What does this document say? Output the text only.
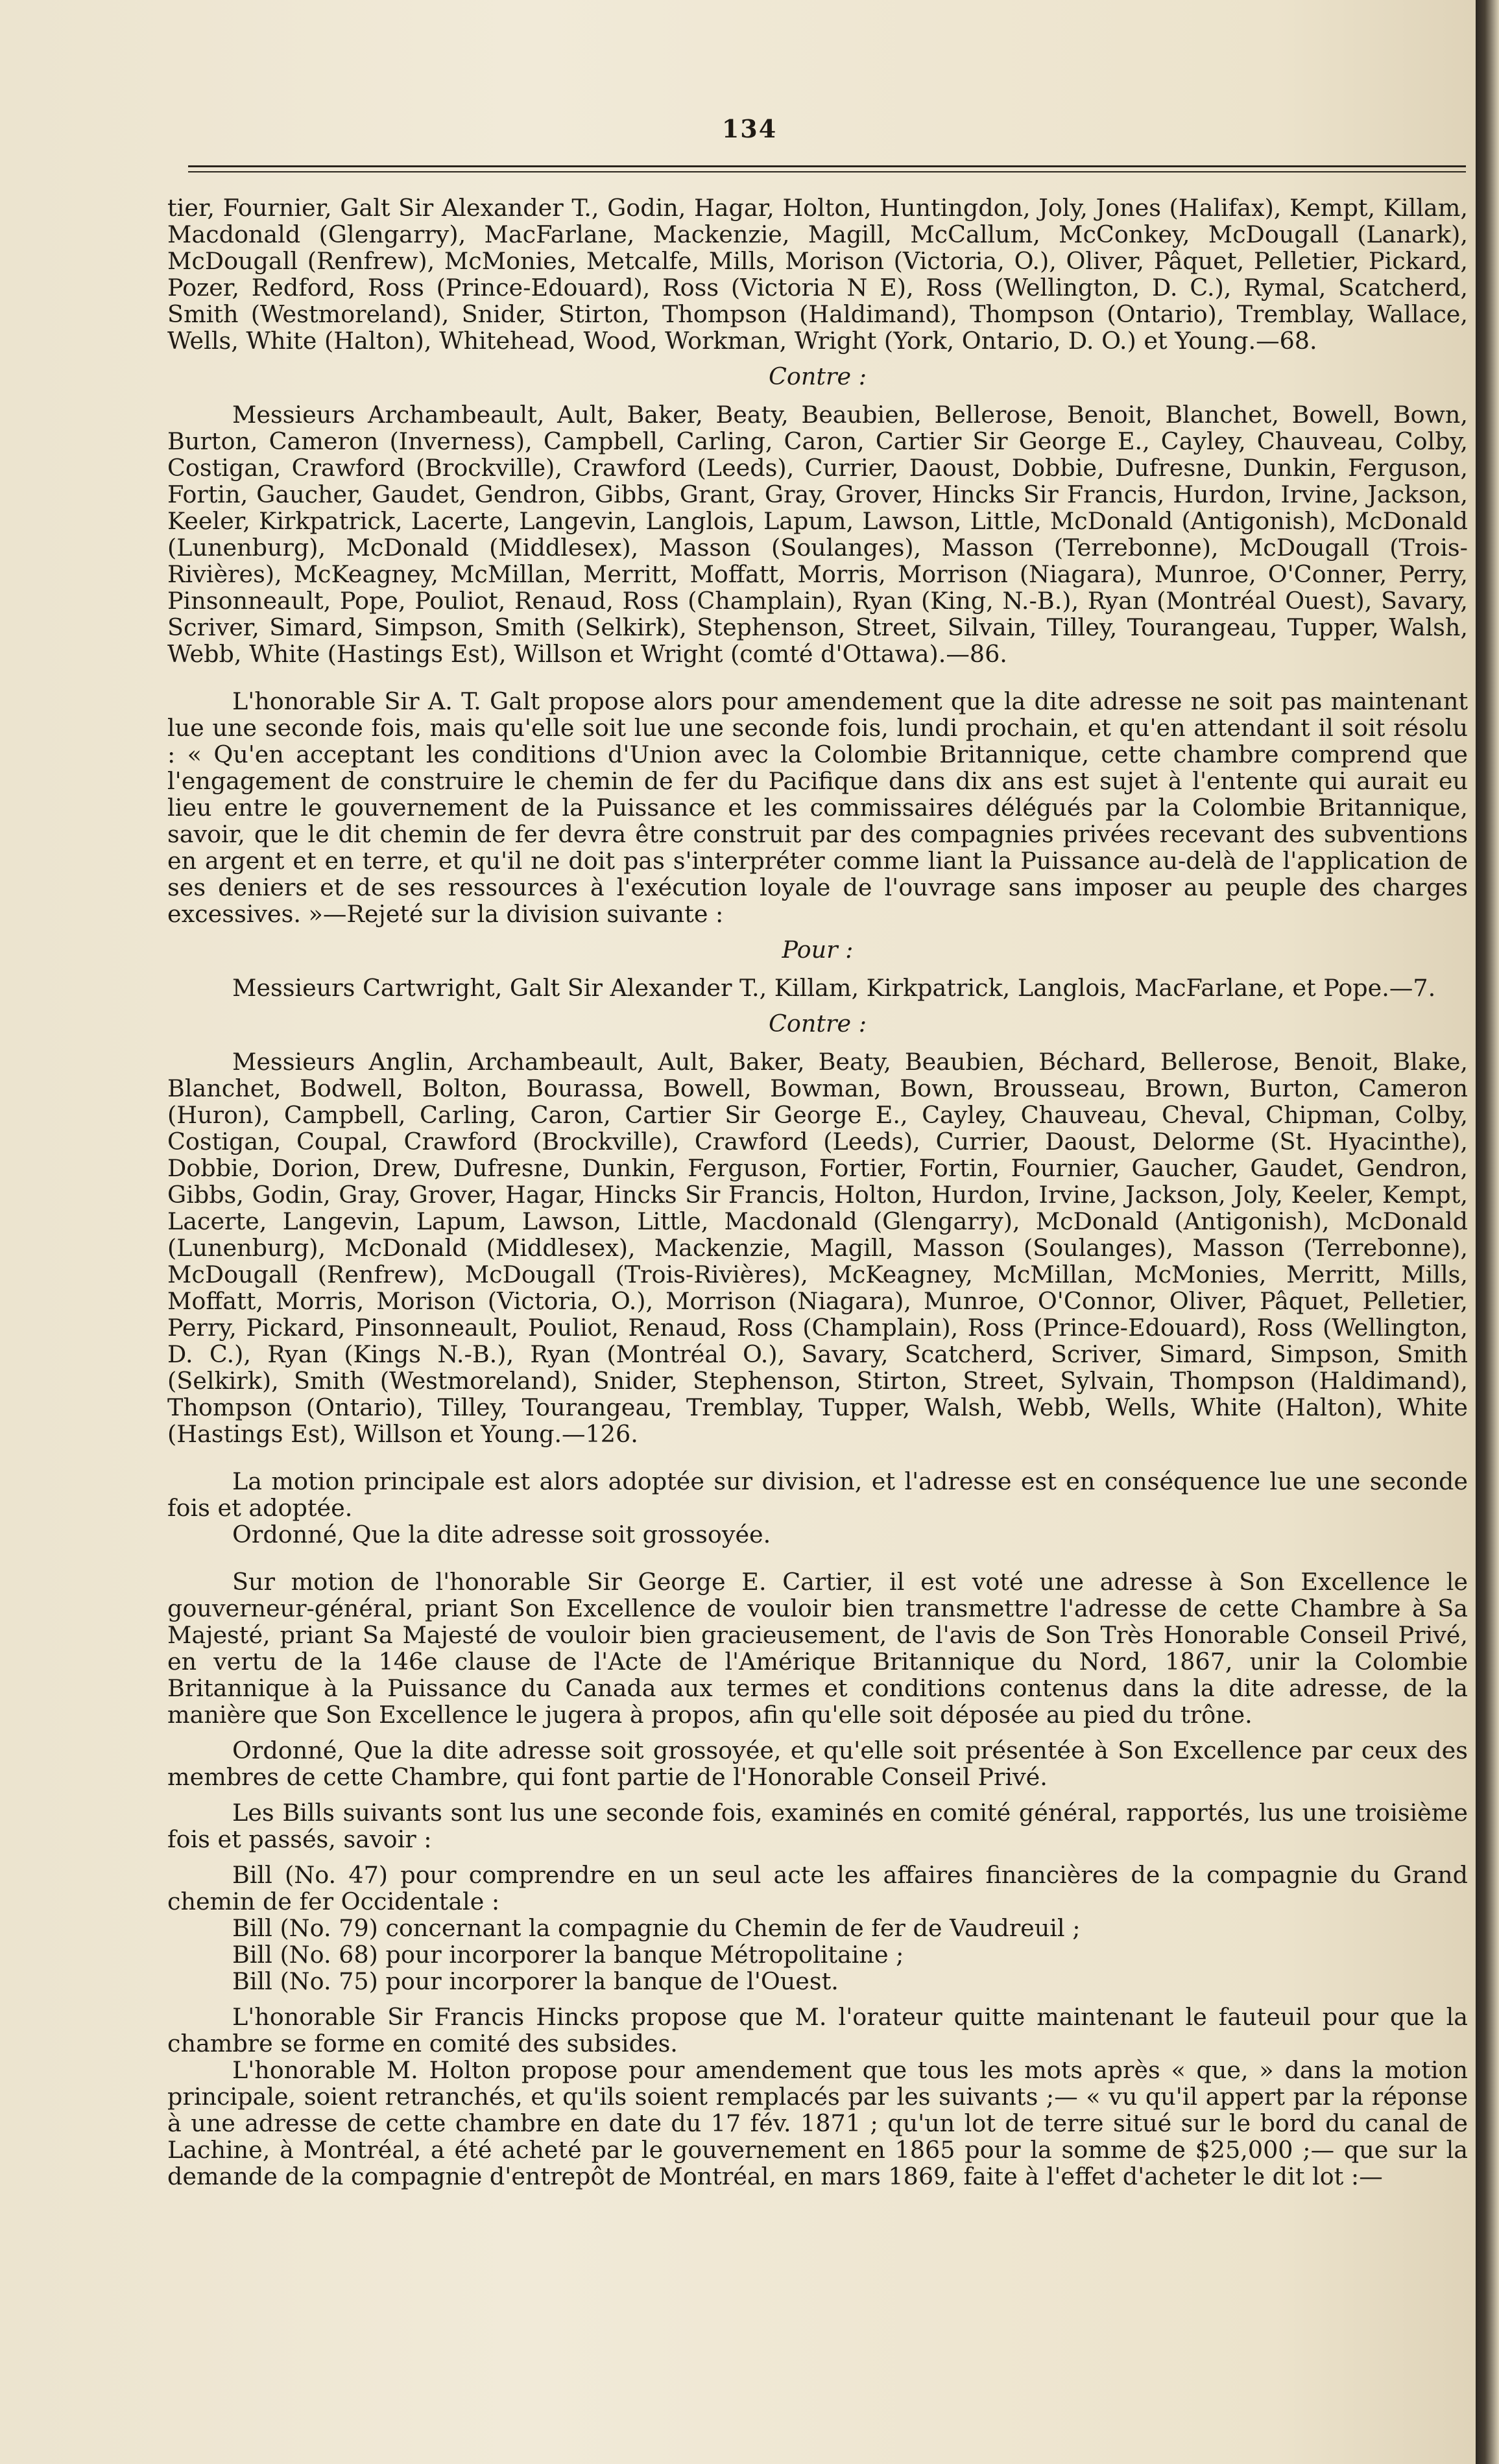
134

tier, Fournier, Galt Sir Alexander T., Godin, Hagar, Holton, Huntingdon, Joly, Jones (Halifax), Kempt, Killam, Macdonald (Glengarry), MacFarlane, Mackenzie, Magill, McCallum, McConkey, McDougall (Lanark), McDougall (Renfrew), McMonies, Metcalfe, Mills, Morison (Victoria, O.), Oliver, Pâquet, Pelletier, Pickard, Pozer, Redford, Ross (Prince-Edouard), Ross (Victoria N E), Ross (Wellington, D. C.), Rymal, Scatcherd, Smith (Westmoreland), Snider, Stirton, Thompson (Haldimand), Thompson (Ontario), Tremblay, Wallace, Wells, White (Halton), Whitehead, Wood, Workman, Wright (York, Ontario, D. O.) et Young.—68.

Contre :

Messieurs Archambeault, Ault, Baker, Beaty, Beaubien, Bellerose, Benoit, Blanchet, Bowell, Bown, Burton, Cameron (Inverness), Campbell, Carling, Caron, Cartier Sir George E., Cayley, Chauveau, Colby, Costigan, Crawford (Brockville), Crawford (Leeds), Currier, Daoust, Dobbie, Dufresne, Dunkin, Ferguson, Fortin, Gaucher, Gaudet, Gendron, Gibbs, Grant, Gray, Grover, Hincks Sir Francis, Hurdon, Irvine, Jackson, Keeler, Kirkpatrick, Lacerte, Langevin, Langlois, Lapum, Lawson, Little, McDonald (Antigonish), McDonald (Lunenburg), McDonald (Middlesex), Masson (Soulanges), Masson (Terrebonne), McDougall (Trois-Rivières), McKeagney, McMillan, Merritt, Moffatt, Morris, Morrison (Niagara), Munroe, O'Conner, Perry, Pinsonneault, Pope, Pouliot, Renaud, Ross (Champlain), Ryan (King, N.-B.), Ryan (Montréal Ouest), Savary, Scriver, Simard, Simpson, Smith (Selkirk), Stephenson, Street, Silvain, Tilley, Tourangeau, Tupper, Walsh, Webb, White (Hastings Est), Willson et Wright (comté d'Ottawa).—86.

L'honorable Sir A. T. Galt propose alors pour amendement que la dite adresse ne soit pas maintenant lue une seconde fois, mais qu'elle soit lue une seconde fois, lundi prochain, et qu'en attendant il soit résolu : « Qu'en acceptant les conditions d'Union avec la Colombie Britannique, cette chambre comprend que l'engagement de construire le chemin de fer du Pacifique dans dix ans est sujet à l'entente qui aurait eu lieu entre le gouvernement de la Puissance et les commissaires délégués par la Colombie Britannique, savoir, que le dit chemin de fer devra être construit par des compagnies privées recevant des subventions en argent et en terre, et qu'il ne doit pas s'interpréter comme liant la Puissance au-delà de l'application de ses deniers et de ses ressources à l'exécution loyale de l'ouvrage sans imposer au peuple des charges excessives. »—Rejeté sur la division suivante :

Pour :

Messieurs Cartwright, Galt Sir Alexander T., Killam, Kirkpatrick, Langlois, MacFarlane, et Pope.—7.

Contre :

Messieurs Anglin, Archambeault, Ault, Baker, Beaty, Beaubien, Béchard, Bellerose, Benoit, Blake, Blanchet, Bodwell, Bolton, Bourassa, Bowell, Bowman, Bown, Brousseau, Brown, Burton, Cameron (Huron), Campbell, Carling, Caron, Cartier Sir George E., Cayley, Chauveau, Cheval, Chipman, Colby, Costigan, Coupal, Crawford (Brockville), Crawford (Leeds), Currier, Daoust, Delorme (St. Hyacinthe), Dobbie, Dorion, Drew, Dufresne, Dunkin, Ferguson, Fortier, Fortin, Fournier, Gaucher, Gaudet, Gendron, Gibbs, Godin, Gray, Grover, Hagar, Hincks Sir Francis, Holton, Hurdon, Irvine, Jackson, Joly, Keeler, Kempt, Lacerte, Langevin, Lapum, Lawson, Little, Macdonald (Glengarry), McDonald (Antigonish), McDonald (Lunenburg), McDonald (Middlesex), Mackenzie, Magill, Masson (Soulanges), Masson (Terrebonne), McDougall (Renfrew), McDougall (Trois-Rivières), McKeagney, McMillan, McMonies, Merritt, Mills, Moffatt, Morris, Morison (Victoria, O.), Morrison (Niagara), Munroe, O'Connor, Oliver, Pâquet, Pelletier, Perry, Pickard, Pinsonneault, Pouliot, Renaud, Ross (Champlain), Ross (Prince-Edouard), Ross (Wellington, D. C.), Ryan (Kings N.-B.), Ryan (Montréal O.), Savary, Scatcherd, Scriver, Simard, Simpson, Smith (Selkirk), Smith (Westmoreland), Snider, Stephenson, Stirton, Street, Sylvain, Thompson (Haldimand), Thompson (Ontario), Tilley, Tourangeau, Tremblay, Tupper, Walsh, Webb, Wells, White (Halton), White (Hastings Est), Willson et Young.—126.

La motion principale est alors adoptée sur division, et l'adresse est en conséquence lue une seconde fois et adoptée.

Ordonné, Que la dite adresse soit grossoyée.

Sur motion de l'honorable Sir George E. Cartier, il est voté une adresse à Son Excellence le gouverneur-général, priant Son Excellence de vouloir bien transmettre l'adresse de cette Chambre à Sa Majesté, priant Sa Majesté de vouloir bien gracieusement, de l'avis de Son Très Honorable Conseil Privé, en vertu de la 146e clause de l'Acte de l'Amérique Britannique du Nord, 1867, unir la Colombie Britannique à la Puissance du Canada aux termes et conditions contenus dans la dite adresse, de la manière que Son Excellence le jugera à propos, afin qu'elle soit déposée au pied du trône.

Ordonné, Que la dite adresse soit grossoyée, et qu'elle soit présentée à Son Excellence par ceux des membres de cette Chambre, qui font partie de l'Honorable Conseil Privé.

Les Bills suivants sont lus une seconde fois, examinés en comité général, rapportés, lus une troisième fois et passés, savoir :

Bill (No. 47) pour comprendre en un seul acte les affaires financières de la compagnie du Grand chemin de fer Occidentale :

Bill (No. 79) concernant la compagnie du Chemin de fer de Vaudreuil ;

Bill (No. 68) pour incorporer la banque Métropolitaine ;

Bill (No. 75) pour incorporer la banque de l'Ouest.

L'honorable Sir Francis Hincks propose que M. l'orateur quitte maintenant le fauteuil pour que la chambre se forme en comité des subsides.

L'honorable M. Holton propose pour amendement que tous les mots après « que, » dans la motion principale, soient retranchés, et qu'ils soient remplacés par les suivants ;— « vu qu'il appert par la réponse à une adresse de cette chambre en date du 17 fév. 1871 ; qu'un lot de terre situé sur le bord du canal de Lachine, à Montréal, a été acheté par le gouvernement en 1865 pour la somme de $25,000 ;— que sur la demande de la compagnie d'entrepôt de Montréal, en mars 1869, faite à l'effet d'acheter le dit lot :—
